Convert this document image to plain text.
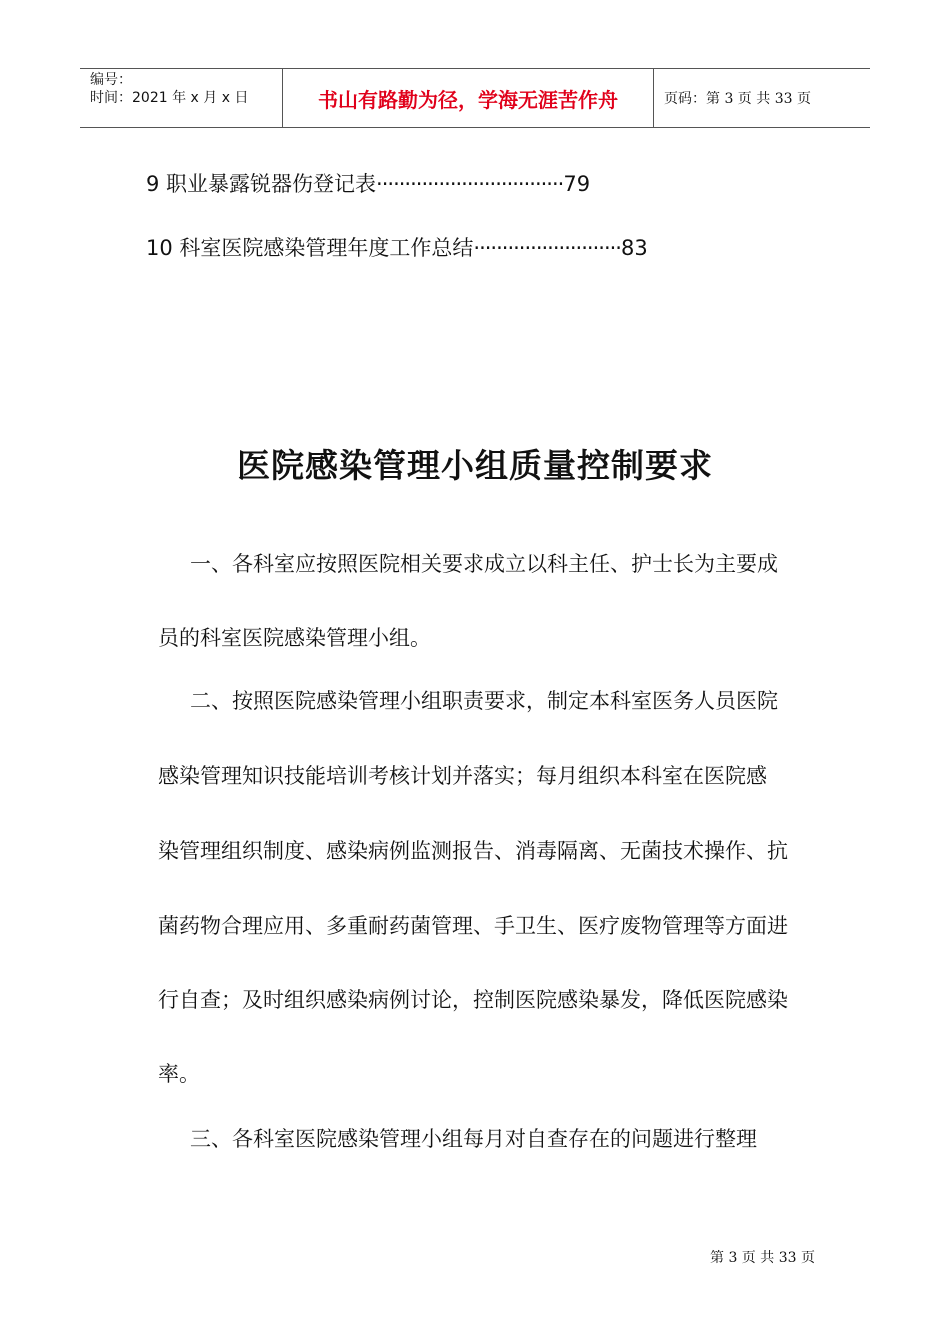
编号：
时间：2021 年 x 月 x 日	书山有路勤为径，学海无涯苦作舟	页码：第 3 页 共 33 页
9 职业暴露锐器伤登记表·································79
10 科室医院感染管理年度工作总结··························83
医院感染管理小组质量控制要求
一、各科室应按照医院相关要求成立以科主任、护士长为主要成
员的科室医院感染管理小组。
二、按照医院感染管理小组职责要求，制定本科室医务人员医院
感染管理知识技能培训考核计划并落实；每月组织本科室在医院感
染管理组织制度、感染病例监测报告、消毒隔离、无菌技术操作、抗
菌药物合理应用、多重耐药菌管理、手卫生、医疗废物管理等方面进
行自查；及时组织感染病例讨论，控制医院感染暴发，降低医院感染
率。
三、各科室医院感染管理小组每月对自查存在的问题进行整理
第 3 页 共 33 页
